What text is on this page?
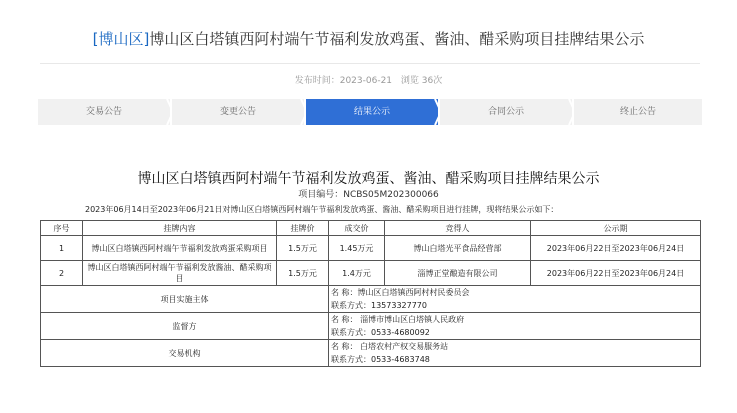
[博山区]博山区白塔镇西阿村端午节福利发放鸡蛋、酱油、醋采购项目挂牌结果公示
发布时间：2023-06-21 浏览 36次
交易公告	变更公告	结果公示	合同公示	终止公告
博山区白塔镇西阿村端午节福利发放鸡蛋、酱油、醋采购项目挂牌结果公示
项目编号：NCBS05M202300066
2023年06月14日至2023年06月21日对博山区白塔镇西阿村端午节福利发放鸡蛋、酱油、醋采购项目进行挂牌，现将结果公示如下：
序号	挂牌内容	挂牌价	成交价	竞得人	公示期
1	博山区白塔镇西阿村端午节福利发放鸡蛋采购项目	1.5万元	1.45万元	博山白塔光平食品经营部	2023年06月22日至2023年06月24日
2	博山区白塔镇西阿村端午节福利发放酱油、醋采购项目	1.5万元	1.4万元	淄博正堂酿造有限公司	2023年06月22日至2023年06月24日
项目实施主体			名 称：博山区白塔镇西阿村村民委员会
联系方式：13573327770		

监督方			名 称： 淄博市博山区白塔镇人民政府
联系方式：0533-4680092		

交易机构			名 称： 白塔农村产权交易服务站
联系方式：0533-4683748		
